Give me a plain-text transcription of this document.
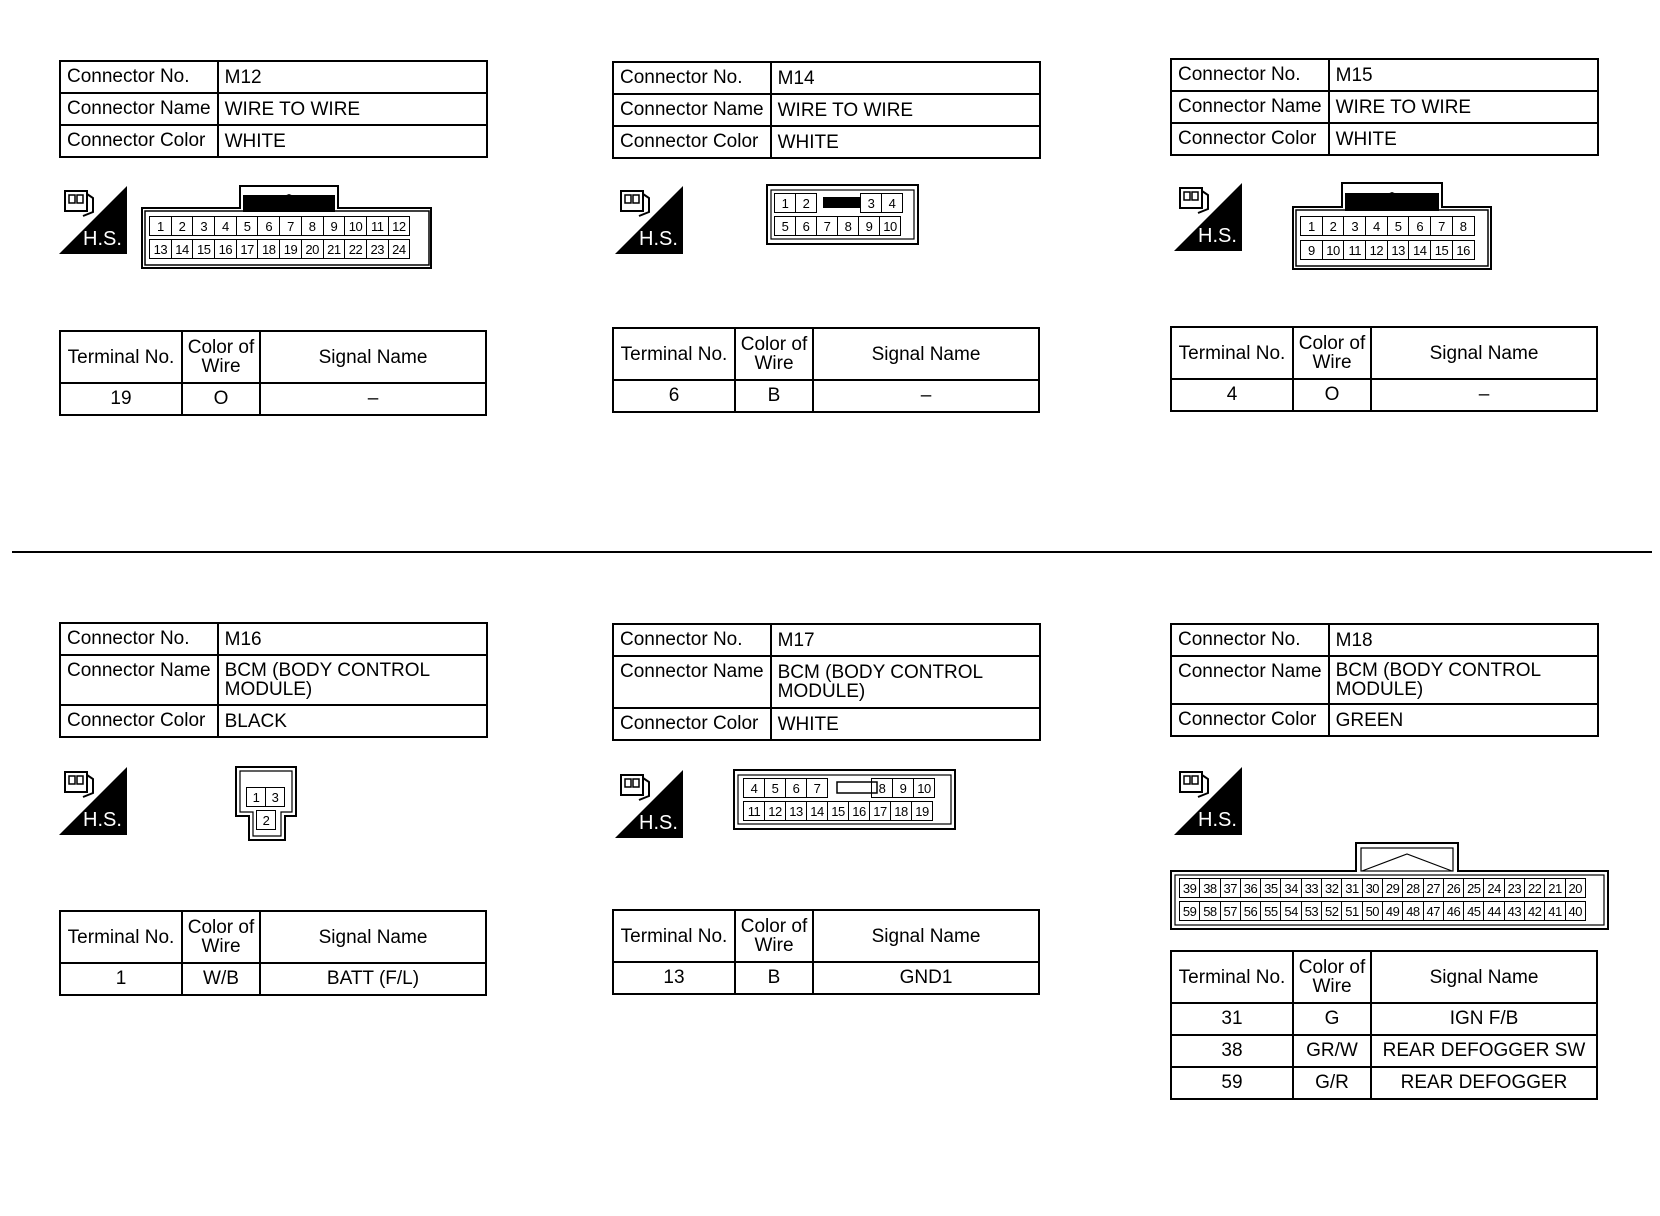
Connector No.	M12
Connector Name	WIRE TO WIRE
Connector Color	WHITE
H.S.
1	2	3	4	5	6	7	8	9 10 11 12
13 14 15 16 17 18 19 20 21 22 23 24
Terminal No.	Color of Wire	Signal Name
19	O	–
Connector No.	M14
Connector Name	WIRE TO WIRE
Connector Color	WHITE
H.S.
1	2	3	4
5	6	7	8	9 10
Terminal No.	Color of Wire	Signal Name
6	B	–
Connector No.	M15
Connector Name	WIRE TO WIRE
Connector Color	WHITE
H.S.	1	2	3	4	5	6	7	8
9 10 11 12 13 14 15 16
Terminal No.	Color of Wire	Signal Name
4	O	–
Connector No.	M16
Connector Name	BCM (BODY CONTROL MODULE)
Connector Color	BLACK
H.S.
1 3
2
Terminal No.	Color of Wire	Signal Name
1	W/B	BATT (F/L)
Connector No.	M17
Connector Name	BCM (BODY CONTROL MODULE)
Connector Color	WHITE
H.S.
4	5	6	7	8	9 10
11 12 13 14 15 16 17 18 19
Terminal No.	Color of Wire	Signal Name
13	B	GND1
Connector No.	M18
Connector Name	BCM (BODY CONTROL MODULE)
Connector Color	GREEN
H.S.
39 38 37 36 35 34 33 32 31 30 29 28 27 26 25 24 23 22 21 20
59 58 57 56 55 54 53 52 51 50 49 48 47 46 45 44 43 42 41 40
Terminal No.	Color of Wire	Signal Name
31	G	IGN F/B
38	GR/W	REAR DEFOGGER SW
59	G/R	REAR DEFOGGER
